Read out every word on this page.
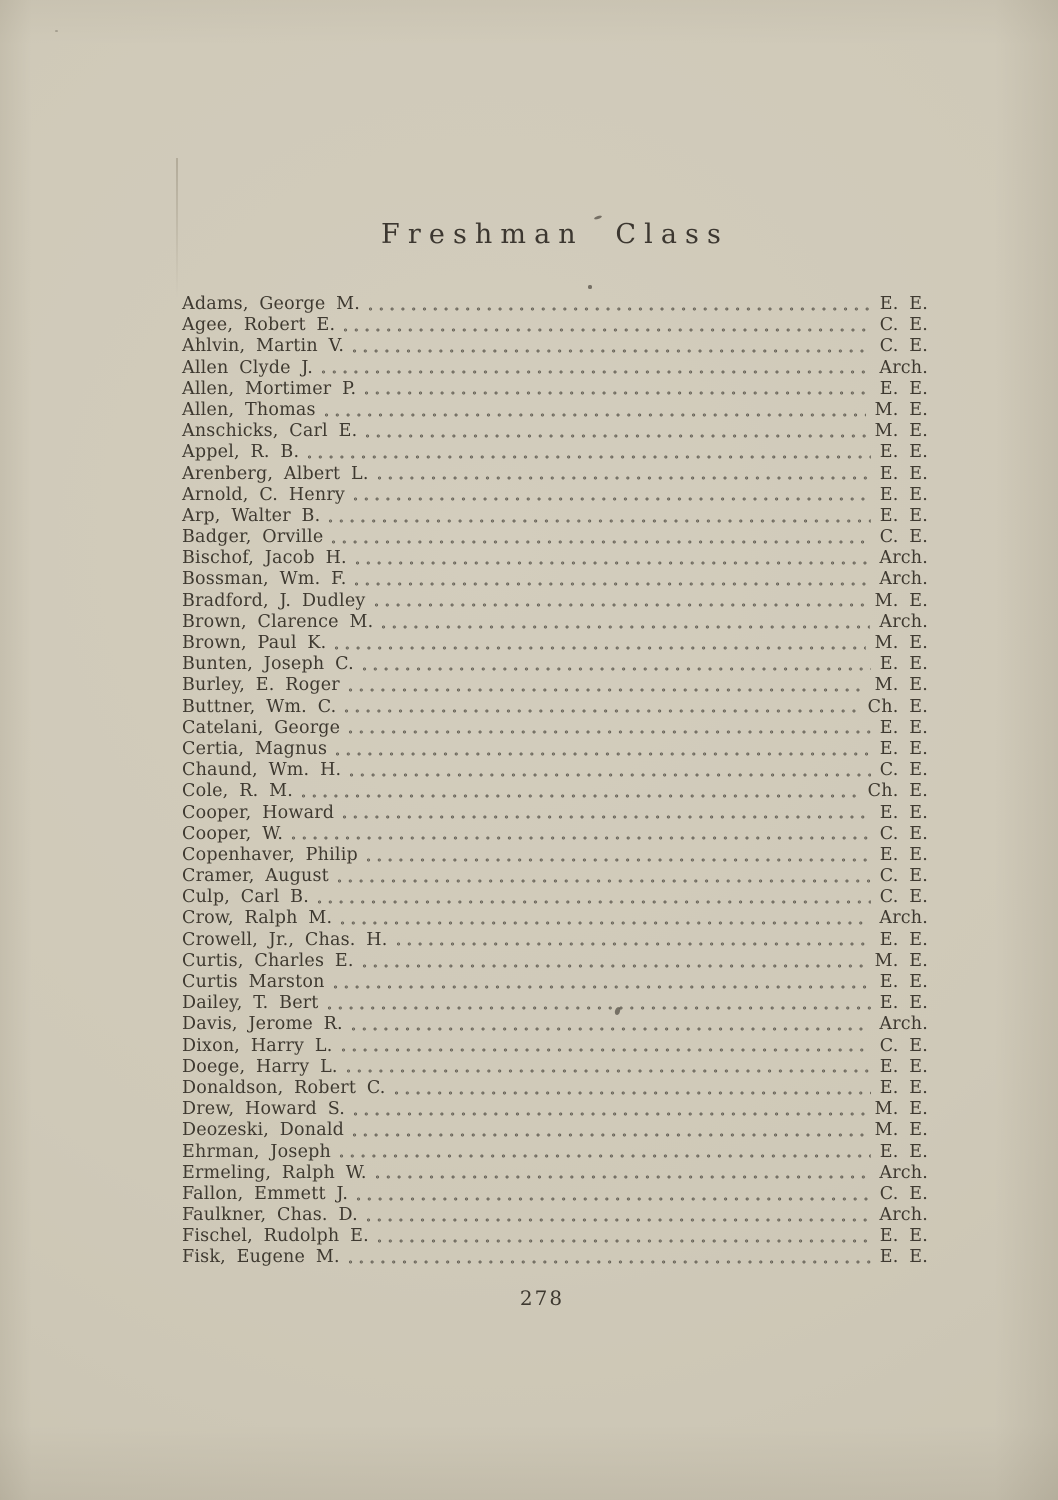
Freshman Class
Adams, George M.	E. E.
Agee, Robert E.	C. E.
Ahlvin, Martin V.	C. E.
Allen Clyde J.	Arch.
Allen, Mortimer P.	E. E.
Allen, Thomas	M. E.
Anschicks, Carl E.	M. E.
Appel, R. B.	E. E.
Arenberg, Albert L.	E. E.
Arnold, C. Henry	E. E.
Arp, Walter B.	E. E.
Badger, Orville	C. E.
Bischof, Jacob H.	Arch.
Bossman, Wm. F.	Arch.
Bradford, J. Dudley	M. E.
Brown, Clarence M.	Arch.
Brown, Paul K.	M. E.
Bunten, Joseph C.	E. E.
Burley, E. Roger	M. E.
Buttner, Wm. C.	Ch. E.
Catelani, George	E. E.
Certia, Magnus	E. E.
Chaund, Wm. H.	C. E.
Cole, R. M.	Ch. E.
Cooper, Howard	E. E.
Cooper, W.	C. E.
Copenhaver, Philip	E. E.
Cramer, August	C. E.
Culp, Carl B.	C. E.
Crow, Ralph M.	Arch.
Crowell, Jr., Chas. H.	E. E.
Curtis, Charles E.	M. E.
Curtis Marston	E. E.
Dailey, T. Bert	E. E.
Davis, Jerome R.	Arch.
Dixon, Harry L.	C. E.
Doege, Harry L.	E. E.
Donaldson, Robert C.	E. E.
Drew, Howard S.	M. E.
Deozeski, Donald	M. E.
Ehrman, Joseph	E. E.
Ermeling, Ralph W.	Arch.
Fallon, Emmett J.	C. E.
Faulkner, Chas. D.	Arch.
Fischel, Rudolph E.	E. E.
Fisk, Eugene M.	E. E.
278
